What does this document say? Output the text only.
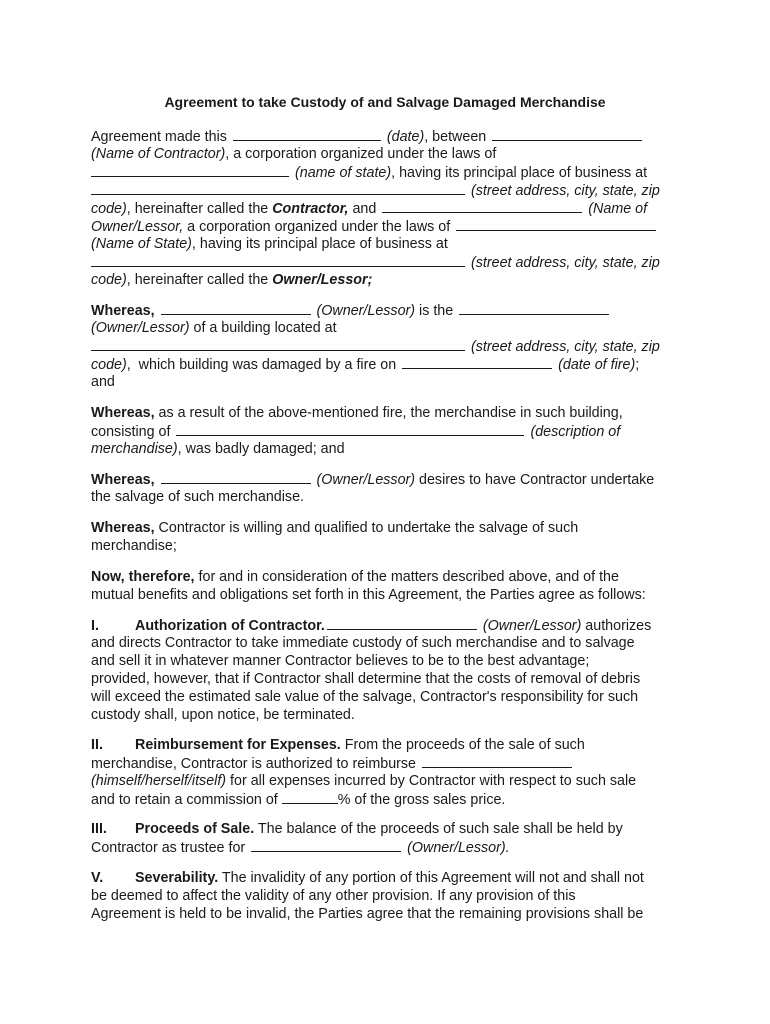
Agreement to take Custody of and Salvage Damaged Merchandise
Agreement made this	(date), between
(Name of Contractor), a corporation organized under the laws of
(name of state), having its principal place of business at
(street address, city, state, zip
code), hereinafter called the Contractor, and	(Name of
Owner/Lessor, a corporation organized under the laws of
(Name of State), having its principal place of business at
(street address, city, state, zip
code), hereinafter called the Owner/Lessor;
Whereas,	(Owner/Lessor) is the
(Owner/Lessor) of a building located at
(street address, city, state, zip
code),  which building was damaged by a fire on	(date of fire);
and
Whereas, as a result of the above-mentioned fire, the merchandise in such building,
consisting of	(description of
merchandise), was badly damaged; and
Whereas,	(Owner/Lessor) desires to have Contractor undertake
the salvage of such merchandise.
Whereas, Contractor is willing and qualified to undertake the salvage of such
merchandise;
Now, therefore, for and in consideration of the matters described above, and of the
mutual benefits and obligations set forth in this Agreement, the Parties agree as follows:
I.	Authorization of Contractor.	(Owner/Lessor) authorizes
and directs Contractor to take immediate custody of such merchandise and to salvage
and sell it in whatever manner Contractor believes to be to the best advantage;
provided, however, that if Contractor shall determine that the costs of removal of debris
will exceed the estimated sale value of the salvage, Contractor's responsibility for such
custody shall, upon notice, be terminated.
II. Reimbursement for Expenses. From the proceeds of the sale of such
merchandise, Contractor is authorized to reimburse
(himself/herself/itself) for all expenses incurred by Contractor with respect to such sale
and to retain a commission of	% of the gross sales price.
III. Proceeds of Sale. The balance of the proceeds of such sale shall be held by
Contractor as trustee for	(Owner/Lessor).
V. Severability. The invalidity of any portion of this Agreement will not and shall not
be deemed to affect the validity of any other provision. If any provision of this
Agreement is held to be invalid, the Parties agree that the remaining provisions shall be
